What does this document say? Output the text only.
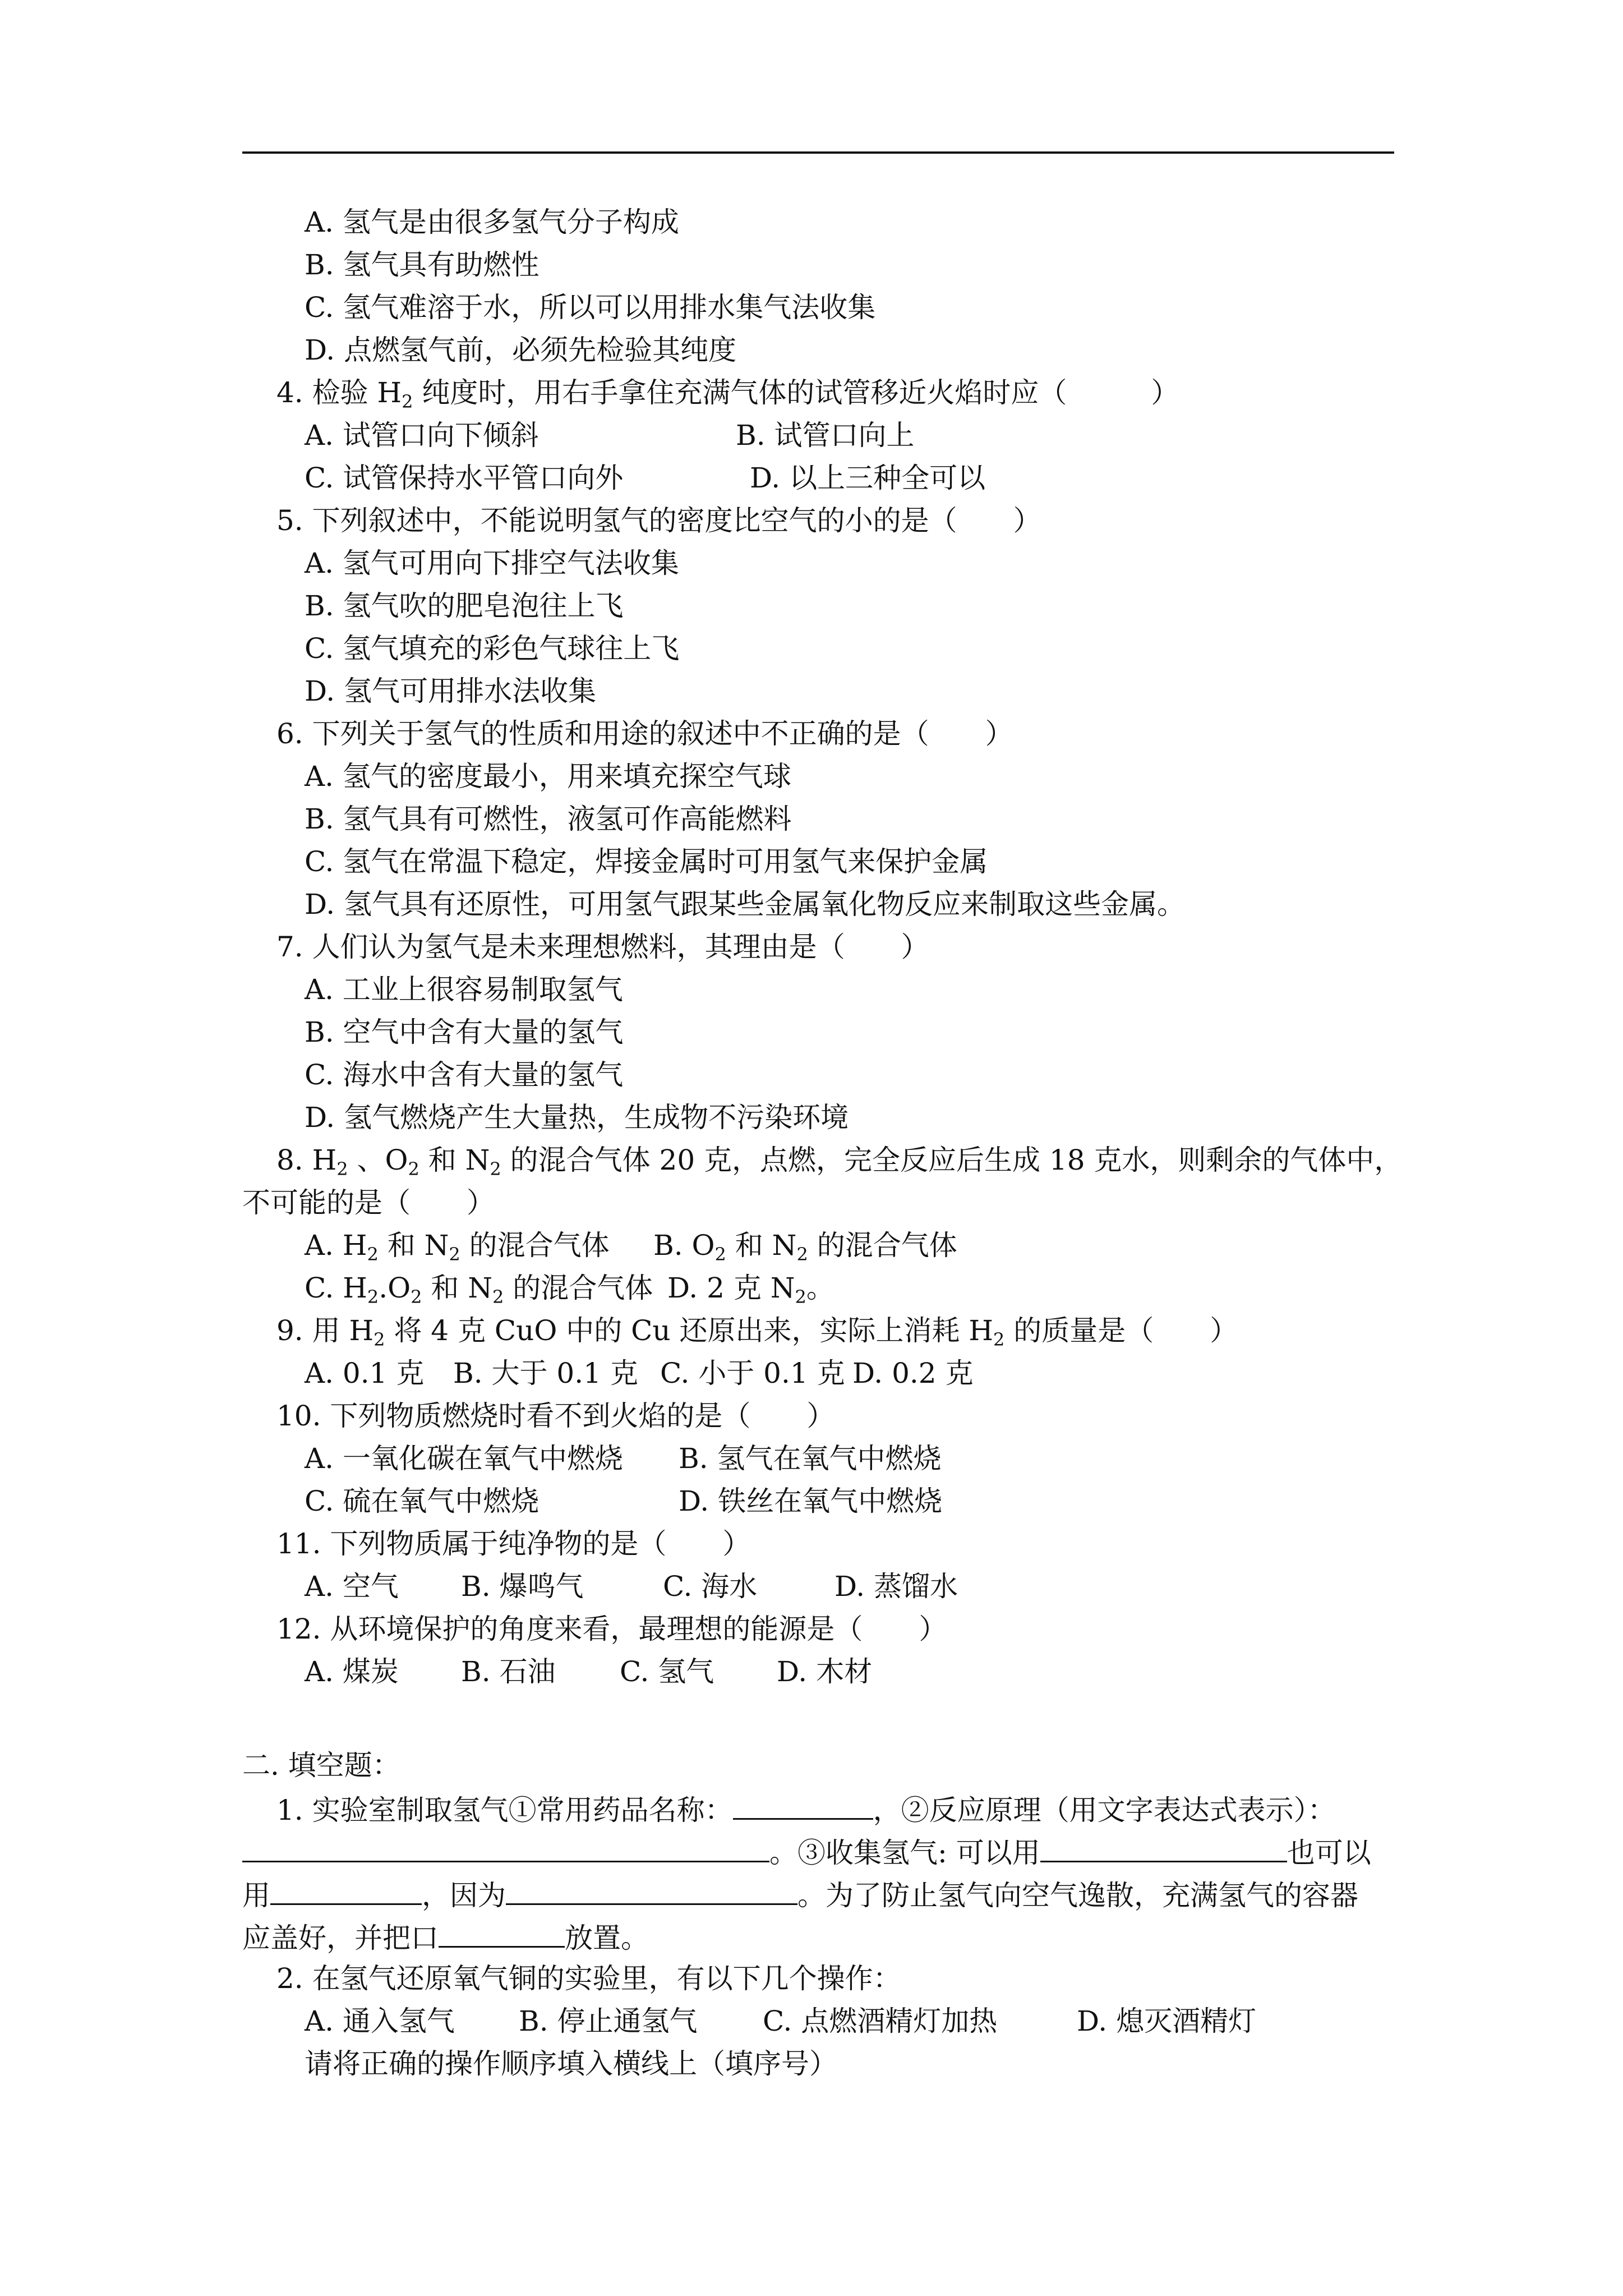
A. 氢气是由很多氢气分子构成
B. 氢气具有助燃性
C. 氢气难溶于水，所以可以用排水集气法收集
D. 点燃氢气前，必须先检验其纯度
4. 检验 $H_2$ 纯度时，用右手拿住充满气体的试管移近火焰时应（　　　）
A. 试管口向下倾斜	B. 试管口向上
C. 试管保持水平管口向外	D. 以上三种全可以
5. 下列叙述中，不能说明氢气的密度比空气的小的是（　　）
A. 氢气可用向下排空气法收集
B. 氢气吹的肥皂泡往上飞
C. 氢气填充的彩色气球往上飞
D. 氢气可用排水法收集
6. 下列关于氢气的性质和用途的叙述中不正确的是（　　）
A. 氢气的密度最小，用来填充探空气球
B. 氢气具有可燃性，液氢可作高能燃料
C. 氢气在常温下稳定，焊接金属时可用氢气来保护金属
D. 氢气具有还原性，可用氢气跟某些金属氧化物反应来制取这些金属。
7. 人们认为氢气是未来理想燃料，其理由是（　　）
A. 工业上很容易制取氢气
B. 空气中含有大量的氢气
C. 海水中含有大量的氢气
D. 氢气燃烧产生大量热，生成物不污染环境
8. $H_2$ 、$O_2$ 和 $N_2$ 的混合气体 20 克，点燃，完全反应后生成 18 克水，则剩余的气体中，
不可能的是（　　）
A. $H_2$ 和 $N_2$ 的混合气体 B. $O_2$ 和 $N_2$ 的混合气体
C. $H_2.O_2$ 和 $N_2$ 的混合气体 D. 2 克 $N_2$。
9. 用 $H_2$ 将 4 克 CuO 中的 Cu 还原出来，实际上消耗 $H_2$ 的质量是（　　）
A. 0.1 克 B. 大于 0.1 克 C. 小于 0.1 克 D. 0.2 克
10. 下列物质燃烧时看不到火焰的是（　　）
A. 一氧化碳在氧气中燃烧 B. 氢气在氧气中燃烧
C. 硫在氧气中燃烧	D. 铁丝在氧气中燃烧
11. 下列物质属于纯净物的是（　　）
A. 空气 B. 爆鸣气	C. 海水	D. 蒸馏水
12. 从环境保护的角度来看，最理想的能源是（　　）
A. 煤炭 B. 石油 C. 氢气 D. 木材
二. 填空题：
1. 实验室制取氢气①常用药品名称：	，②反应原理（用文字表达式表示）：
。③收集氢气: 可以用	也可以
用	，因为	。为了防止氢气向空气逸散，充满氢气的容器
应盖好，并把口	放置。
2. 在氢气还原氧气铜的实验里，有以下几个操作：
A. 通入氢气 B. 停止通氢气 C. 点燃酒精灯加热	D. 熄灭酒精灯
请将正确的操作顺序填入横线上（填序号）
